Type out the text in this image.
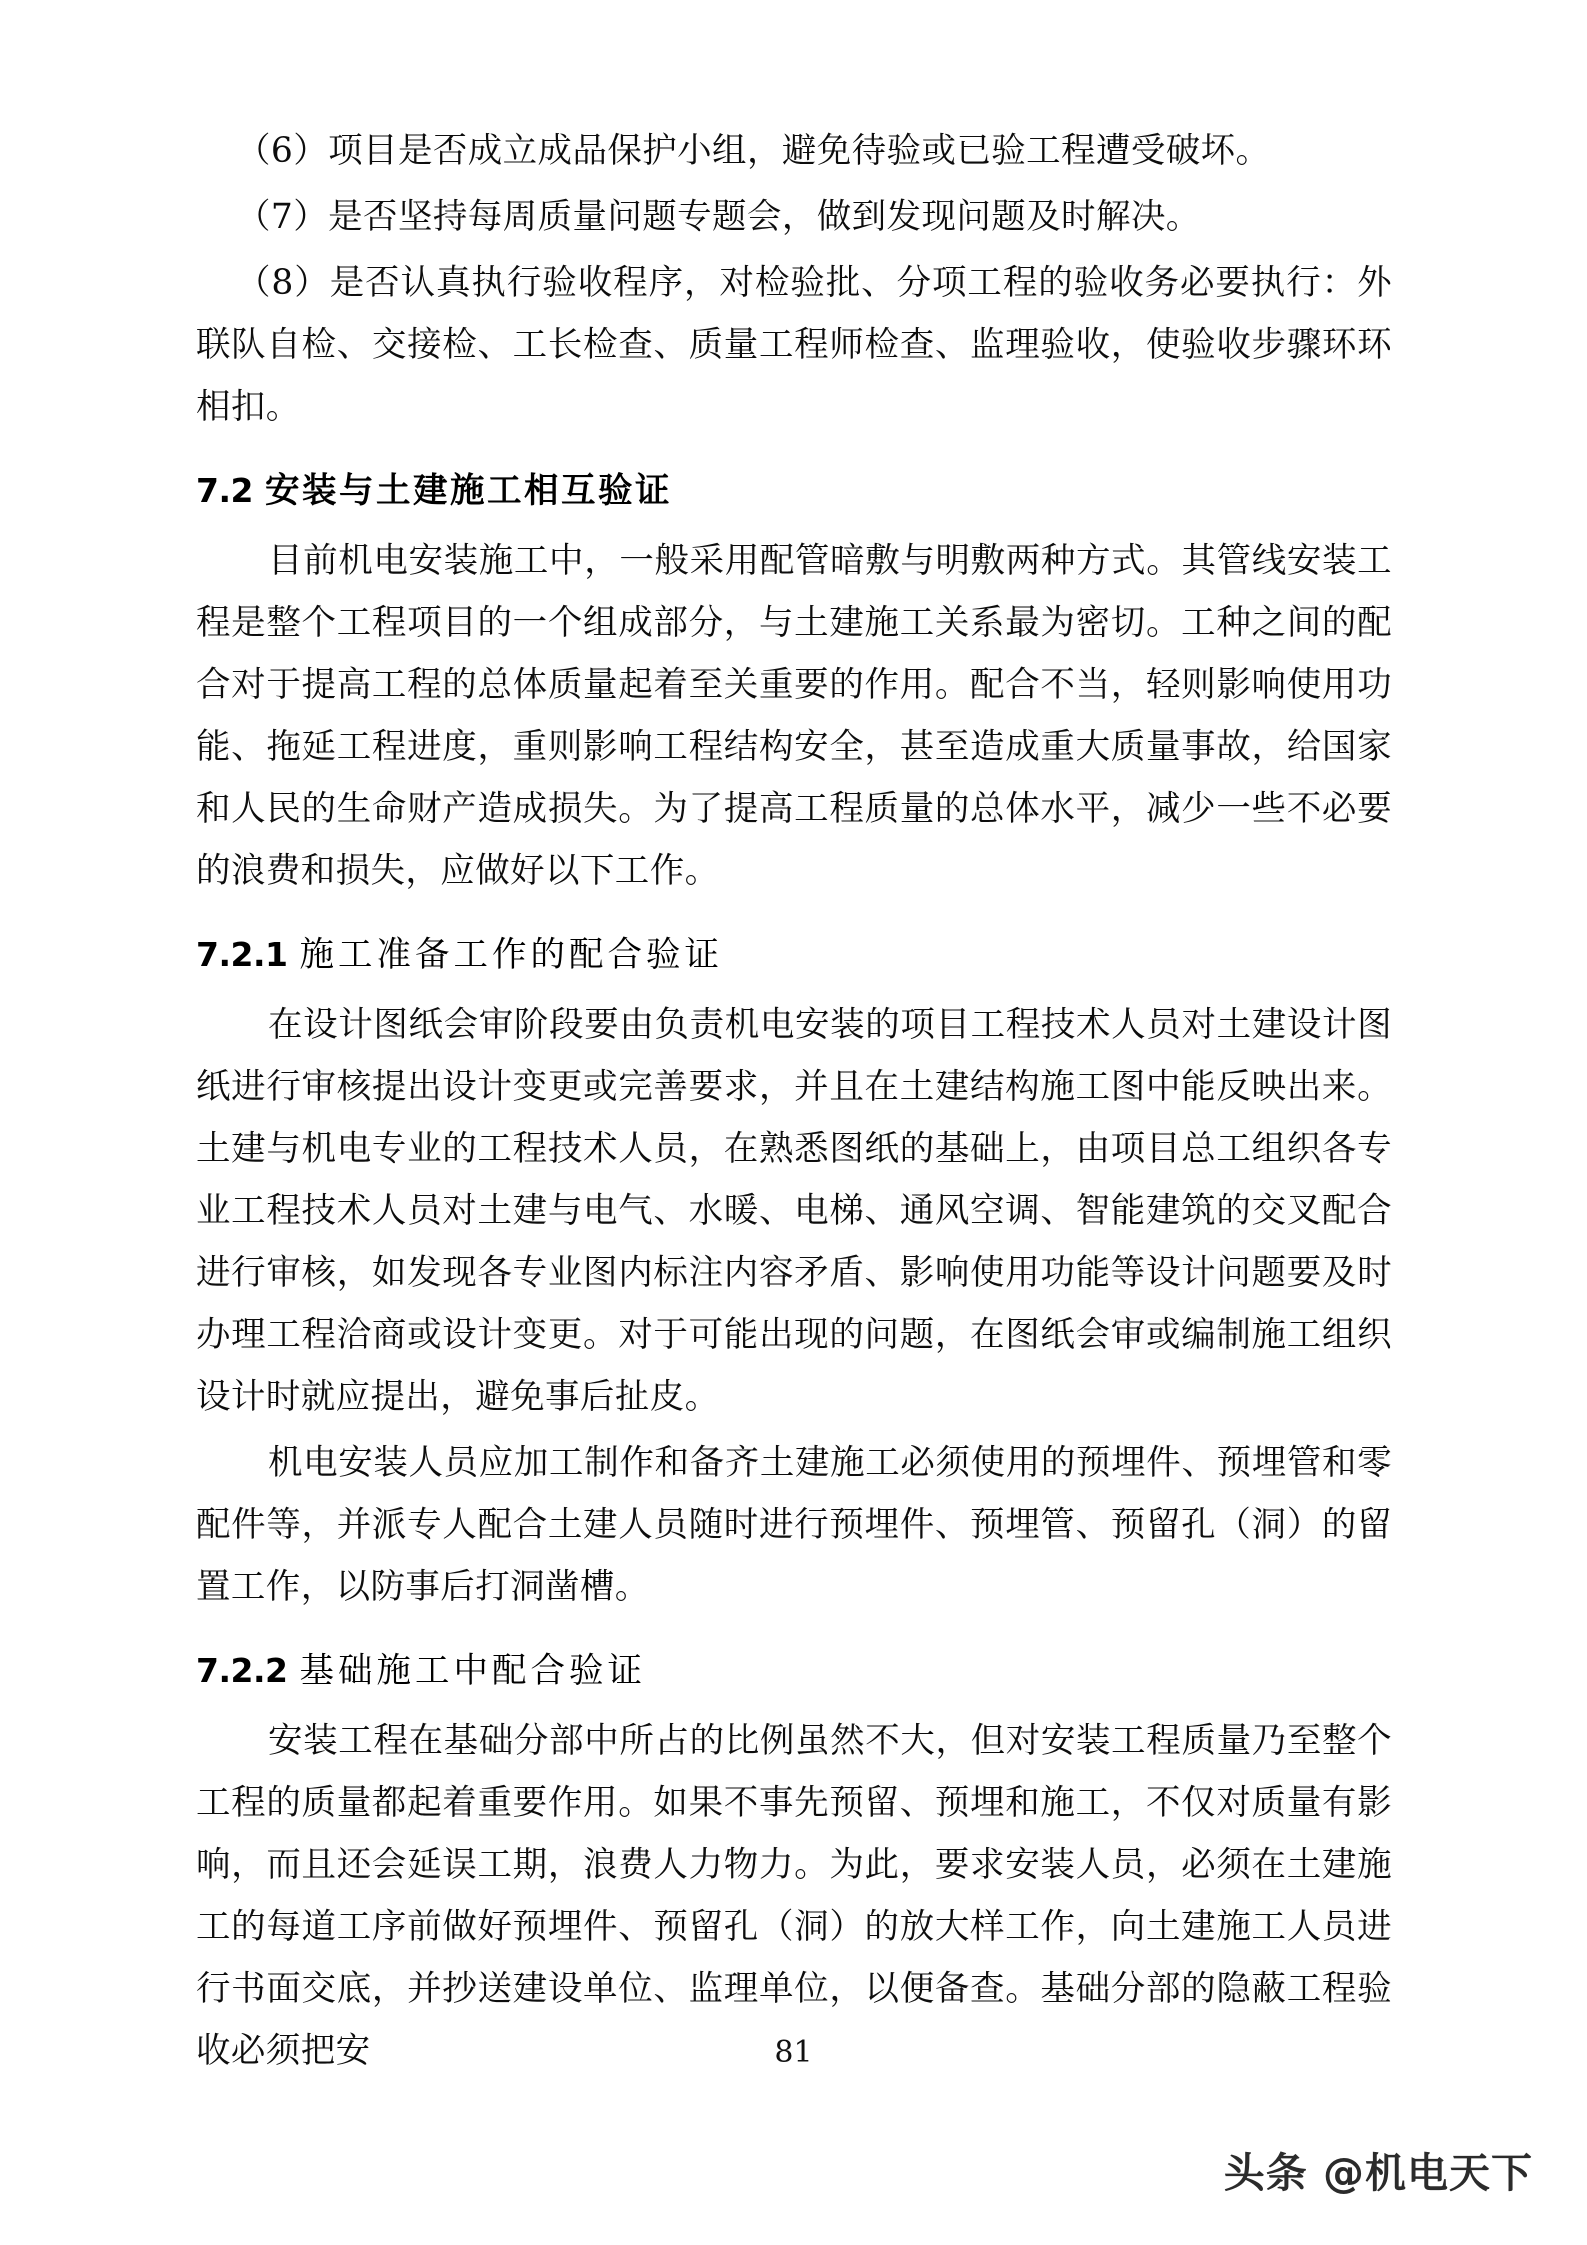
（6）项目是否成立成品保护小组，避免待验或已验工程遭受破坏。

（7）是否坚持每周质量问题专题会，做到发现问题及时解决。

（8）是否认真执行验收程序，对检验批、分项工程的验收务必要执行：外联队自检、交接检、工长检查、质量工程师检查、监理验收，使验收步骤环环相扣。

7.2 安装与土建施工相互验证

目前机电安装施工中，一般采用配管暗敷与明敷两种方式。其管线安装工程是整个工程项目的一个组成部分，与土建施工关系最为密切。工种之间的配合对于提高工程的总体质量起着至关重要的作用。配合不当，轻则影响使用功能、拖延工程进度，重则影响工程结构安全，甚至造成重大质量事故，给国家和人民的生命财产造成损失。为了提高工程质量的总体水平，减少一些不必要的浪费和损失，应做好以下工作。

7.2.1 施工准备工作的配合验证

在设计图纸会审阶段要由负责机电安装的项目工程技术人员对土建设计图纸进行审核提出设计变更或完善要求，并且在土建结构施工图中能反映出来。土建与机电专业的工程技术人员，在熟悉图纸的基础上，由项目总工组织各专业工程技术人员对土建与电气、水暖、电梯、通风空调、智能建筑的交叉配合进行审核，如发现各专业图内标注内容矛盾、影响使用功能等设计问题要及时办理工程洽商或设计变更。对于可能出现的问题，在图纸会审或编制施工组织设计时就应提出，避免事后扯皮。

机电安装人员应加工制作和备齐土建施工必须使用的预埋件、预埋管和零配件等，并派专人配合土建人员随时进行预埋件、预埋管、预留孔（洞）的留置工作，以防事后打洞凿槽。

7.2.2 基础施工中配合验证

安装工程在基础分部中所占的比例虽然不大，但对安装工程质量乃至整个工程的质量都起着重要作用。如果不事先预留、预埋和施工，不仅对质量有影响，而且还会延误工期，浪费人力物力。为此，要求安装人员，必须在土建施工的每道工序前做好预埋件、预留孔（洞）的放大样工作，向土建施工人员进行书面交底，并抄送建设单位、监理单位，以便备查。基础分部的隐蔽工程验收必须把安	81
头条 @机电天下
